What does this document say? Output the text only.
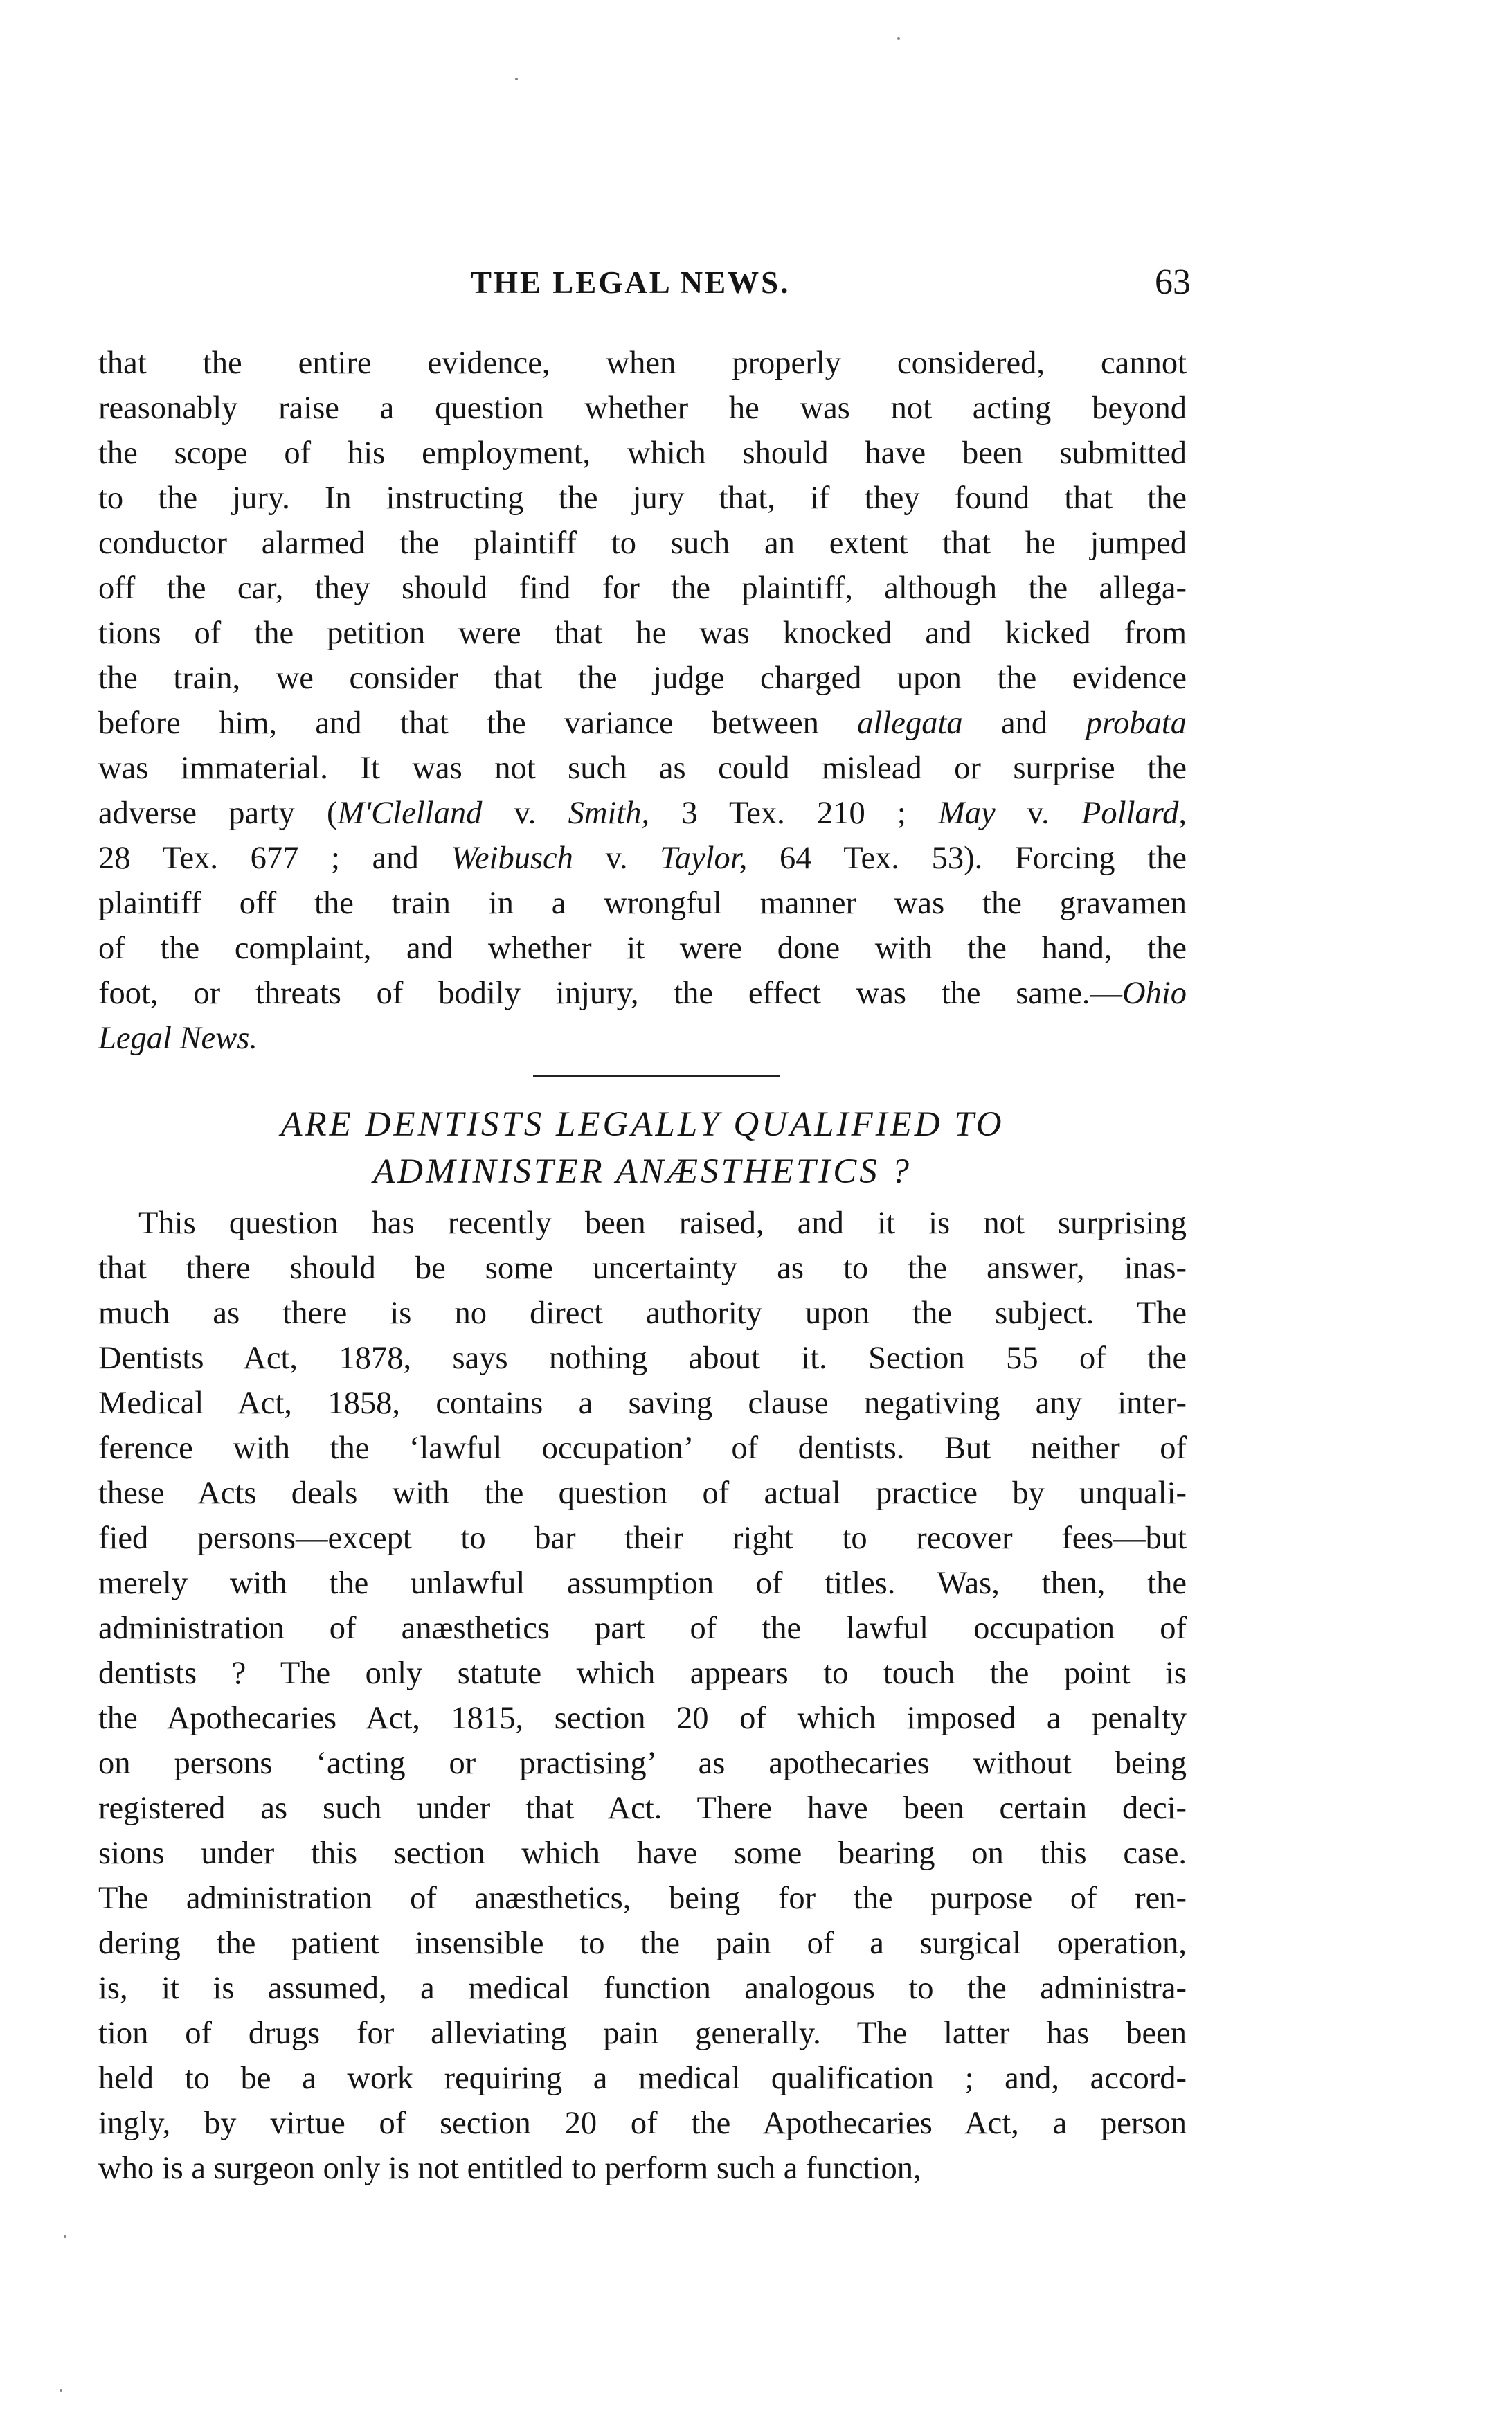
THE LEGAL NEWS.	63
that the entire evidence, when properly considered, cannot
reasonably raise a question whether he was not acting beyond
the scope of his employment, which should have been submitted
to the jury. In instructing the jury that, if they found that the
conductor alarmed the plaintiff to such an extent that he jumped
off the car, they should find for the plaintiff, although the allega-
tions of the petition were that he was knocked and kicked from
the train, we consider that the judge charged upon the evidence
before him, and that the variance between allegata and probata
was immaterial. It was not such as could mislead or surprise the
adverse party (M'Clelland v. Smith, 3 Tex. 210 ; May v. Pollard,
28 Tex. 677 ; and Weibusch v. Taylor, 64 Tex. 53). Forcing the
plaintiff off the train in a wrongful manner was the gravamen
of the complaint, and whether it were done with the hand, the
foot, or threats of bodily injury, the effect was the same.—Ohio
Legal News.
ARE DENTISTS LEGALLY QUALIFIED TO
ADMINISTER ANÆSTHETICS ?
This question has recently been raised, and it is not surprising
that there should be some uncertainty as to the answer, inas-
much as there is no direct authority upon the subject. The
Dentists Act, 1878, says nothing about it. Section 55 of the
Medical Act, 1858, contains a saving clause negativing any inter-
ference with the ‘lawful occupation’ of dentists. But neither of
these Acts deals with the question of actual practice by unquali-
fied persons—except to bar their right to recover fees—but
merely with the unlawful assumption of titles. Was, then, the
administration of anæsthetics part of the lawful occupation of
dentists ? The only statute which appears to touch the point is
the Apothecaries Act, 1815, section 20 of which imposed a penalty
on persons ‘acting or practising’ as apothecaries without being
registered as such under that Act. There have been certain deci-
sions under this section which have some bearing on this case.
The administration of anæsthetics, being for the purpose of ren-
dering the patient insensible to the pain of a surgical operation,
is, it is assumed, a medical function analogous to the administra-
tion of drugs for alleviating pain generally. The latter has been
held to be a work requiring a medical qualification ; and, accord-
ingly, by virtue of section 20 of the Apothecaries Act, a person
who is a surgeon only is not entitled to perform such a function,
